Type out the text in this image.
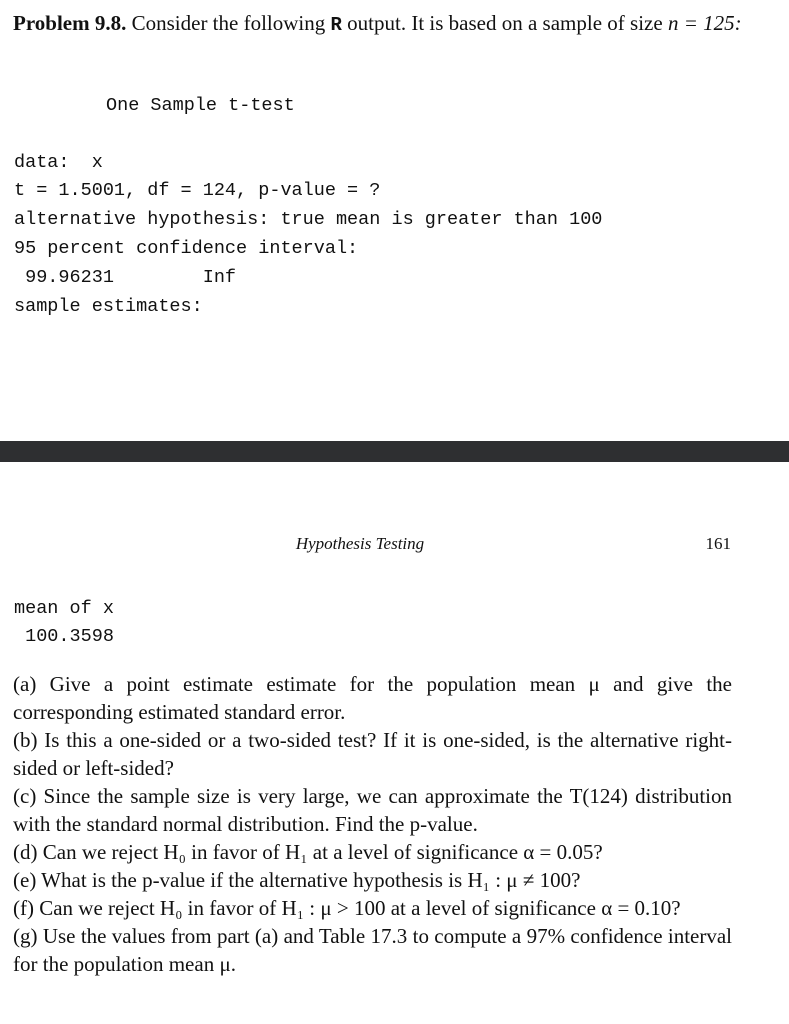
Problem 9.8. Consider the following R output. It is based on a sample of size n = 125:
One Sample t-test
data:  x
t = 1.5001, df = 124, p-value = ?
alternative hypothesis: true mean is greater than 100
95 percent confidence interval:
99.96231        Inf
sample estimates:
Hypothesis Testing	161
mean of x
100.3598

(a) Give a point estimate estimate for the population mean μ and give the corresponding estimated standard error.

(b) Is this a one-sided or a two-sided test? If it is one-sided, is the alternative right-sided or left-sided?

(c) Since the sample size is very large, we can approximate the T(124) distribution with the standard normal distribution. Find the p-value.

(d) Can we reject H₀ in favor of H₁ at a level of significance α = 0.05?

(e) What is the p-value if the alternative hypothesis is H₁ : μ ≠ 100?

(f) Can we reject H₀ in favor of H₁ : μ > 100 at a level of significance α = 0.10?

(g) Use the values from part (a) and Table 17.3 to compute a 97% confidence interval for the population mean μ.
